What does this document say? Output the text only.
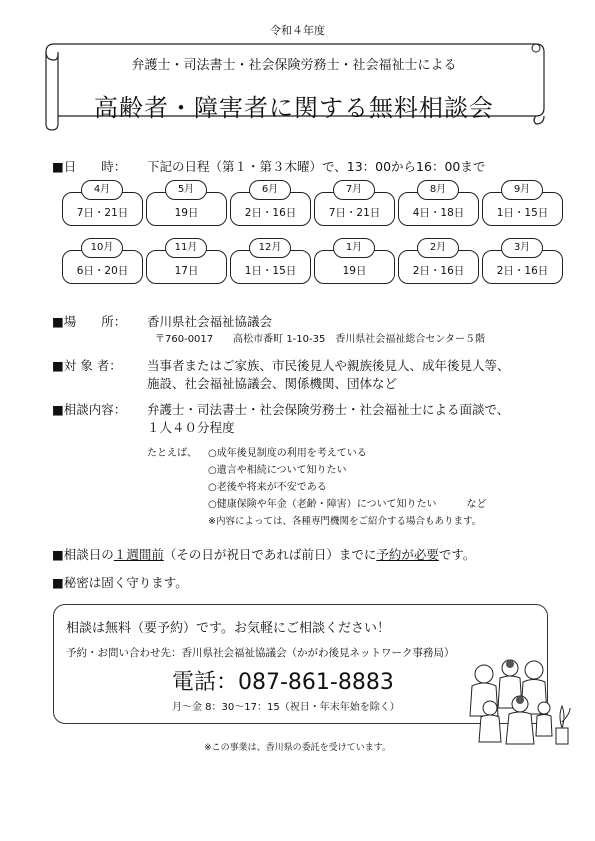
令和４年度
弁護士・司法書士・社会保険労務士・社会福祉士による
高齢者・障害者に関する無料相談会
■日　　時： 下記の日程（第１・第３木曜）で、13：00から16：00まで
4月
7日・21日
5月
19日
6月
2日・16日
7月
7日・21日
8月
4日・18日
9月
1日・15日
10月
6日・20日
11月
17日
12月
1日・15日
1月
19日
2月
2日・16日
3月
2日・16日
■場　　所： 香川県社会福祉協議会
〒760-0017　　高松市番町 1-10-35　香川県社会福祉総合センター５階
■対 象 者： 当事者またはご家族、市民後見人や親族後見人、成年後見人等、
施設、社会福祉協議会、関係機関、団体など
■相談内容： 弁護士・司法書士・社会保険労務士・社会福祉士による面談で、
１人４０分程度
たとえば、 ○成年後見制度の利用を考えている
○遺言や相続について知りたい
○老後や将来が不安である
○健康保険や年金（老齢・障害）について知りたい　　　など
※内容によっては、各種専門機関をご紹介する場合もあります。
■相談日の１週間前（その日が祝日であれば前日）までに予約が必要です。
■秘密は固く守ります。
相談は無料（要予約）です。お気軽にご相談ください！
予約・お問い合わせ先：香川県社会福祉協議会（かがわ後見ネットワーク事務局）
電話：087-861-8883
月～金 8：30～17：15（祝日・年末年始を除く）
※この事業は、香川県の委託を受けています。
